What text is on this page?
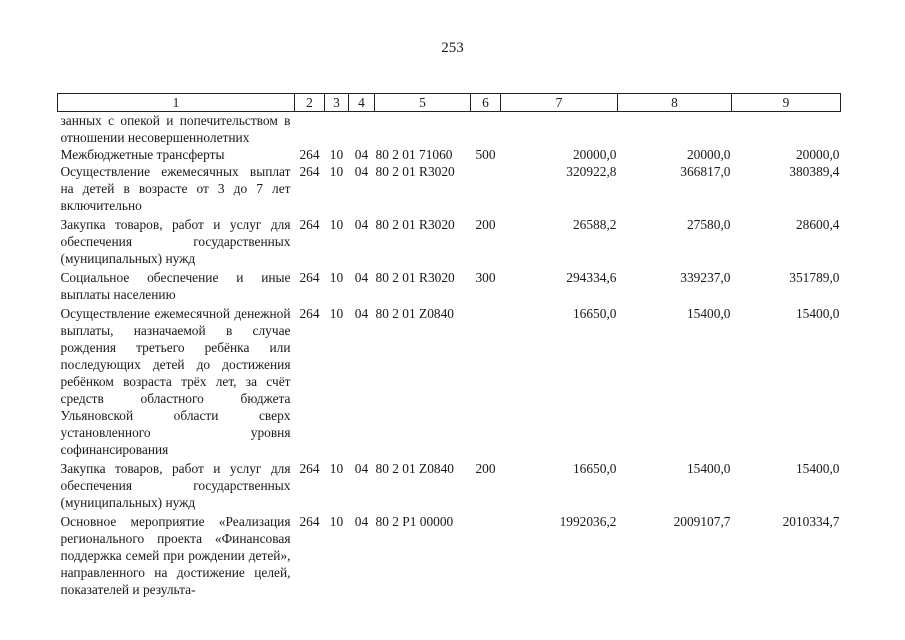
253
1	2	3	4	5	6	7	8	9
занных с опекой и попечительством в отношении несовершеннолетних								
Межбюджетные трансферты	264	10	04	80 2 01 71060	500	20000,0	20000,0	20000,0
Осуществление ежемесячных выплат на детей в возрасте от 3 до 7 лет включительно	264	10	04	80 2 01 R3020		320922,8	366817,0	380389,4
Закупка товаров, работ и услуг для обеспечения государственных (муниципальных) нужд	264	10	04	80 2 01 R3020	200	26588,2	27580,0	28600,4
Социальное обеспечение и иные выплаты населению	264	10	04	80 2 01 R3020	300	294334,6	339237,0	351789,0
Осуществление ежемесячной денежной выплаты, назначаемой в случае рождения третьего ребёнка или последующих детей до достижения ребёнком возраста трёх лет, за счёт средств областного бюджета Ульяновской области сверх установленного уровня софинансирования	264	10	04	80 2 01 Z0840		16650,0	15400,0	15400,0
Закупка товаров, работ и услуг для обеспечения государственных (муниципальных) нужд	264	10	04	80 2 01 Z0840	200	16650,0	15400,0	15400,0
Основное мероприятие «Реализация регионального проекта «Финансовая поддержка семей при рождении детей», направленного на достижение целей, показателей и результа-	264	10	04	80 2 P1 00000		1992036,2	2009107,7	2010334,7
